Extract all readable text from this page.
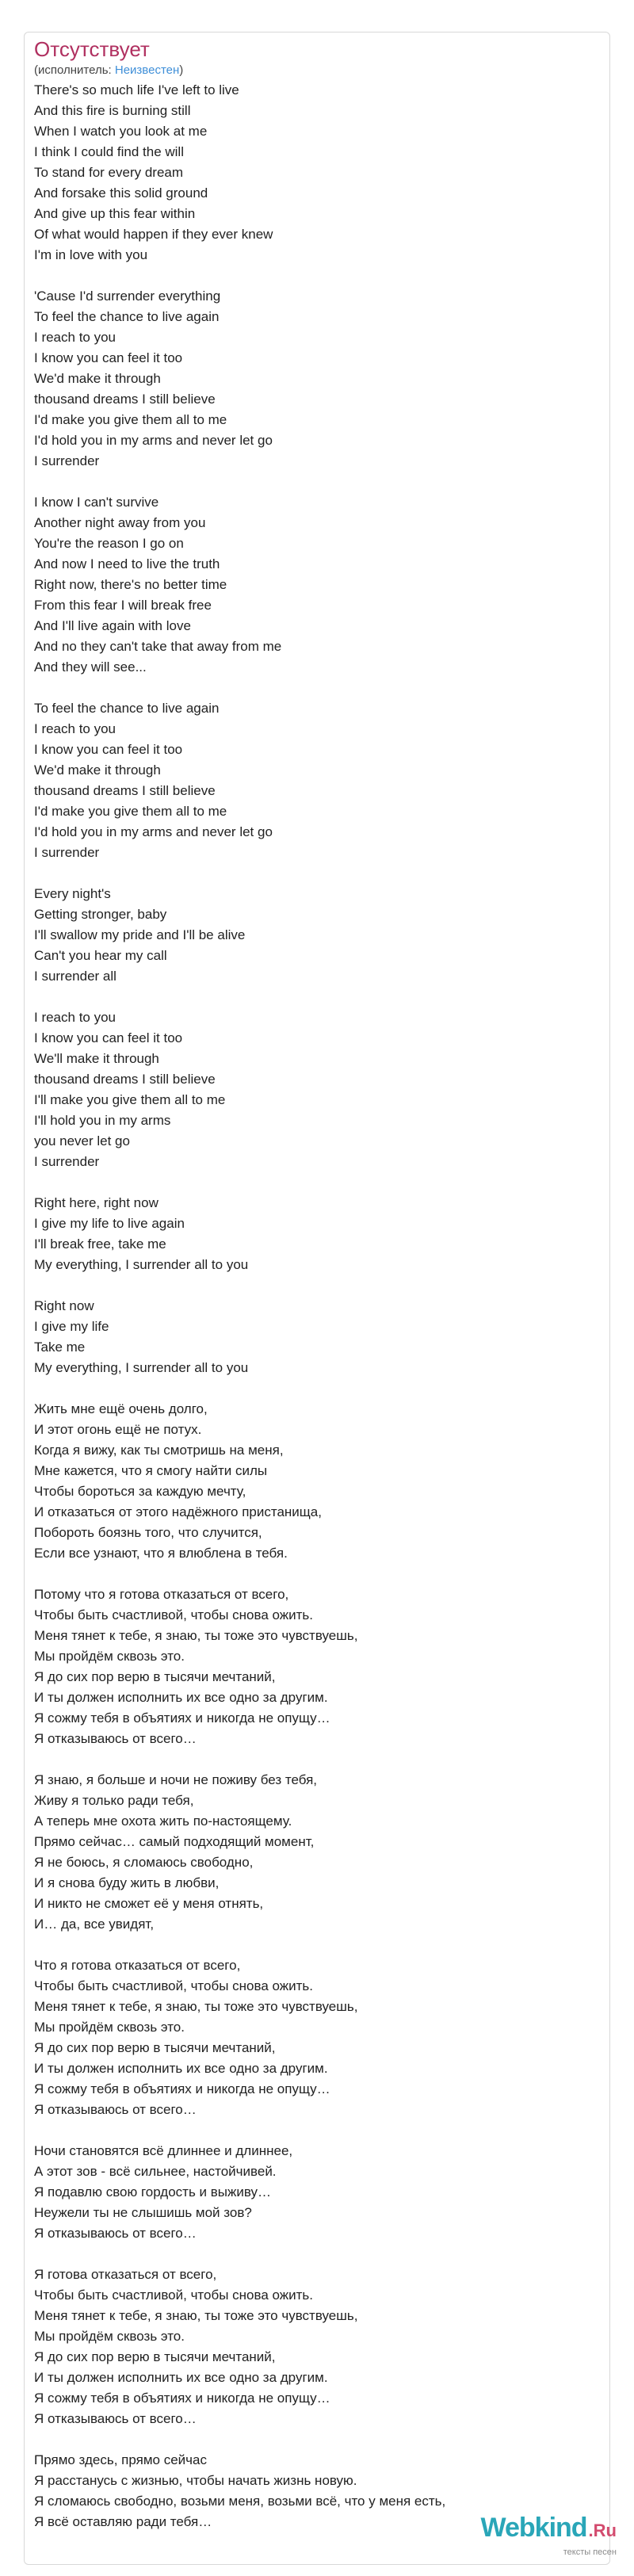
Отсутствует
(исполнитель: Неизвестен)
There's so much life I've left to live
And this fire is burning still
When I watch you look at me
I think I could find the will
To stand for every dream
And forsake this solid ground
And give up this fear within
Of what would happen if they ever knew
I'm in love with you
'Cause I'd surrender everything
To feel the chance to live again
I reach to you
I know you can feel it too
We'd make it through
thousand dreams I still believe
I'd make you give them all to me
I'd hold you in my arms and never let go
I surrender
I know I can't survive
Another night away from you
You're the reason I go on
And now I need to live the truth
Right now, there's no better time
From this fear I will break free
And I'll live again with love
And no they can't take that away from me
And they will see...
To feel the chance to live again
I reach to you
I know you can feel it too
We'd make it through
thousand dreams I still believe
I'd make you give them all to me
I'd hold you in my arms and never let go
I surrender
Every night's
Getting stronger, baby
I'll swallow my pride and I'll be alive
Can't you hear my call
I surrender all
I reach to you
I know you can feel it too
We'll make it through
thousand dreams I still believe
I'll make you give them all to me
I'll hold you in my arms
you never let go
I surrender
Right here, right now
I give my life to live again
I'll break free, take me
My everything, I surrender all to you
Right now
I give my life
Take me
My everything, I surrender all to you
Жить мне ещё очень долго,
И этот огонь ещё не потух.
Когда я вижу, как ты смотришь на меня,
Мне кажется, что я смогу найти силы
Чтобы бороться за каждую мечту,
И отказаться от этого надёжного пристанища,
Побороть боязнь того, что случится,
Если все узнают, что я влюблена в тебя.
Потому что я готова отказаться от всего,
Чтобы быть счастливой, чтобы снова ожить.
Меня тянет к тебе, я знаю, ты тоже это чувствуешь,
Мы пройдём сквозь это.
Я до сих пор верю в тысячи мечтаний,
И ты должен исполнить их все одно за другим.
Я сожму тебя в объятиях и никогда не опущу…
Я отказываюсь от всего…
Я знаю, я больше и ночи не поживу без тебя,
Живу я только ради тебя,
А теперь мне охота жить по-настоящему.
Прямо сейчас… самый подходящий момент,
Я не боюсь, я сломаюсь свободно,
И я снова буду жить в любви,
И никто не сможет её у меня отнять,
И… да, все увидят,
Что я готова отказаться от всего,
Чтобы быть счастливой, чтобы снова ожить.
Меня тянет к тебе, я знаю, ты тоже это чувствуешь,
Мы пройдём сквозь это.
Я до сих пор верю в тысячи мечтаний,
И ты должен исполнить их все одно за другим.
Я сожму тебя в объятиях и никогда не опущу…
Я отказываюсь от всего…
Ночи становятся всё длиннее и длиннее,
А этот зов - всё сильнее, настойчивей.
Я подавлю свою гордость и выживу…
Неужели ты не слышишь мой зов?
Я отказываюсь от всего…
Я готова отказаться от всего,
Чтобы быть счастливой, чтобы снова ожить.
Меня тянет к тебе, я знаю, ты тоже это чувствуешь,
Мы пройдём сквозь это.
Я до сих пор верю в тысячи мечтаний,
И ты должен исполнить их все одно за другим.
Я сожму тебя в объятиях и никогда не опущу…
Я отказываюсь от всего…
Прямо здесь, прямо сейчас
Я расстанусь с жизнью, чтобы начать жизнь новую.
Я сломаюсь свободно, возьми меня, возьми всё, что у меня есть,
Я всё оставляю ради тебя…	Webkind .Ru
тексты песен
